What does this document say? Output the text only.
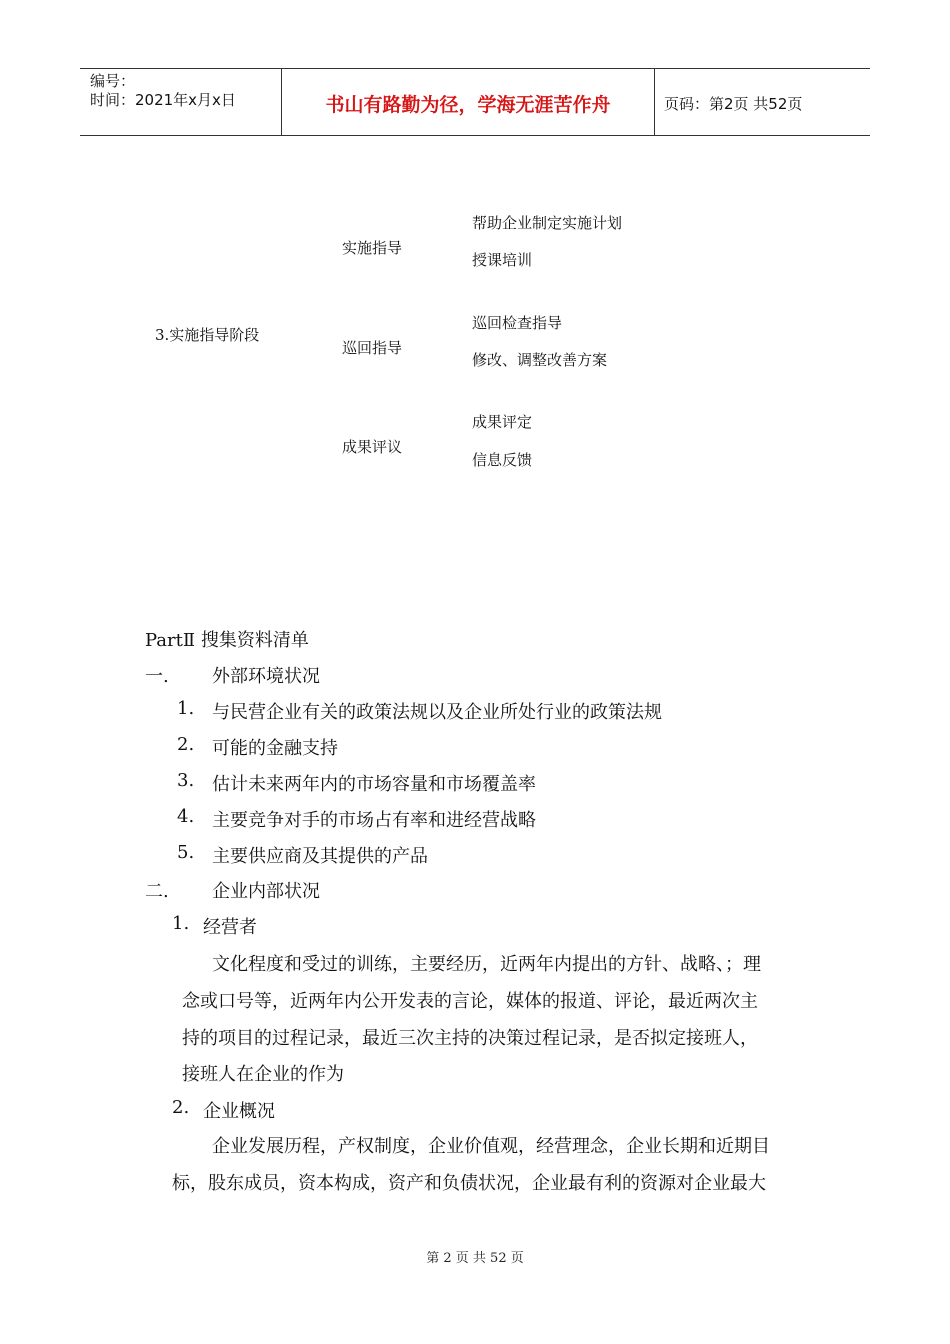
编号：
时间：2021年x月x日	书山有路勤为径，学海无涯苦作舟	页码：第2页 共52页
3.实施指导阶段
实施指导
帮助企业制定实施计划
授课培训
巡回指导
巡回检查指导
修改、调整改善方案
成果评议
成果评定
信息反馈
PartⅡ 搜集资料清单
一. 外部环境状况
1. 与民营企业有关的政策法规以及企业所处行业的政策法规
2. 可能的金融支持
3. 估计未来两年内的市场容量和市场覆盖率
4. 主要竞争对手的市场占有率和进经营战略
5. 主要供应商及其提供的产品
二. 企业内部状况
1. 经营者
文化程度和受过的训练，主要经历，近两年内提出的方针、战略、；理
念或口号等，近两年内公开发表的言论，媒体的报道、评论，最近两次主
持的项目的过程记录，最近三次主持的决策过程记录，是否拟定接班人，
接班人在企业的作为
2. 企业概况
企业发展历程，产权制度，企业价值观，经营理念，企业长期和近期目
标，股东成员，资本构成，资产和负债状况，企业最有利的资源对企业最大
第 2 页 共 52 页
